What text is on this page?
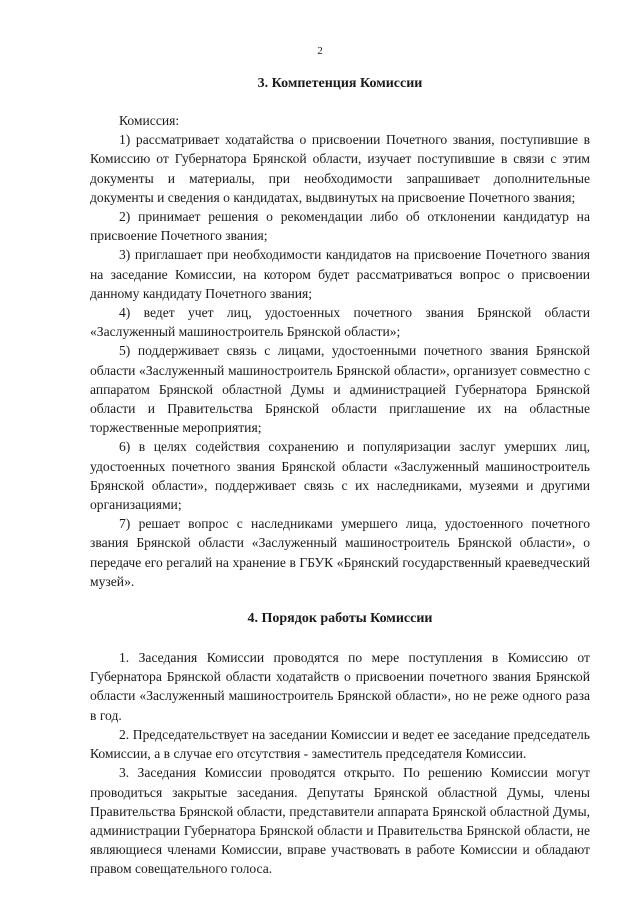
2
3. Компетенция Комиссии

Комиссия:

1) рассматривает ходатайства о присвоении Почетного звания, поступившие в Комиссию от Губернатора Брянской области, изучает поступившие в связи с этим документы и материалы, при необходимости запрашивает дополнительные документы и сведения о кандидатах, выдвинутых на присвоение Почетного звания;

2) принимает решения о рекомендации либо об отклонении кандидатур на присвоение Почетного звания;

3) приглашает при необходимости кандидатов на присвоение Почетного звания на заседание Комиссии, на котором будет рассматриваться вопрос о присвоении данному кандидату Почетного звания;

4) ведет учет лиц, удостоенных почетного звания Брянской области «Заслуженный машиностроитель Брянской области»;

5) поддерживает связь с лицами, удостоенными почетного звания Брянской области «Заслуженный машиностроитель Брянской области», организует совместно с аппаратом Брянской областной Думы и администрацией Губернатора Брянской области и Правительства Брянской области приглашение их на областные торжественные мероприятия;

6) в целях содействия сохранению и популяризации заслуг умерших лиц, удостоенных почетного звания Брянской области «Заслуженный машиностроитель Брянской области», поддерживает связь с их наследниками, музеями и другими организациями;

7) решает вопрос с наследниками умершего лица, удостоенного почетного звания Брянской области «Заслуженный машиностроитель Брянской области», о передаче его регалий на хранение в ГБУК «Брянский государственный краеведческий музей».

4. Порядок работы Комиссии

1. Заседания Комиссии проводятся по мере поступления в Комиссию от Губернатора Брянской области ходатайств о присвоении почетного звания Брянской области «Заслуженный машиностроитель Брянской области», но не реже одного раза в год.

2. Председательствует на заседании Комиссии и ведет ее заседание председатель Комиссии, а в случае его отсутствия - заместитель председателя Комиссии.

3. Заседания Комиссии проводятся открыто. По решению Комиссии могут проводиться закрытые заседания. Депутаты Брянской областной Думы, члены Правительства Брянской области, представители аппарата Брянской областной Думы, администрации Губернатора Брянской области и Правительства Брянской области, не являющиеся членами Комиссии, вправе участвовать в работе Комиссии и обладают правом совещательного голоса.
